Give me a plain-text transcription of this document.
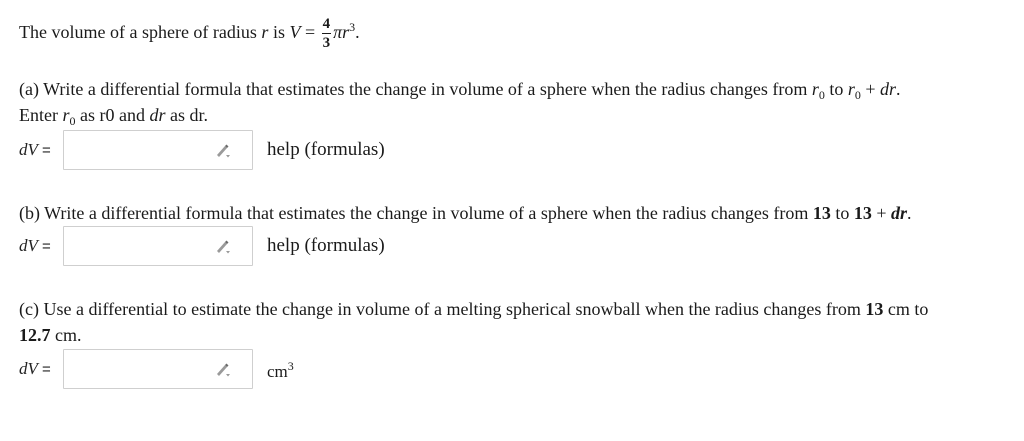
The volume of a sphere of radius r is $V = \frac{4}{3} \pi r^3$.
(a) Write a differential formula that estimates the change in volume of a sphere when the radius changes from $r_0$ to $r_0$ + dr.
Enter $r_0$ as r0 and dr as dr.
dV =	help (formulas)
(b) Write a differential formula that estimates the change in volume of a sphere when the radius changes from 13 to 13 + dr.
dV =	help (formulas)
(c) Use a differential to estimate the change in volume of a melting spherical snowball when the radius changes from 13 cm to
12.7 cm.
dV =	$cm^3$
